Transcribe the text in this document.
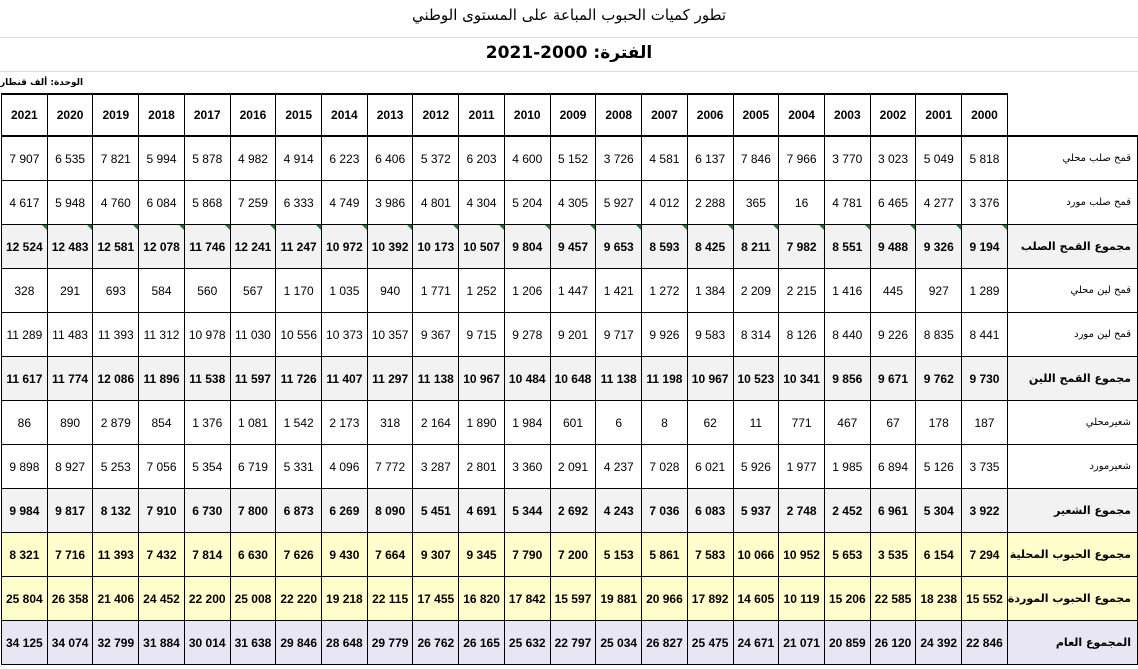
تطور كميات الحبوب المباعة على المستوى الوطني
الفترة: 2000-2021
الوحدة: ألف قنطار
2021	2020	2019	2018	2017	2016	2015	2014	2013	2012	2011	2010	2009	2008	2007	2006	2005	2004	2003	2002	2001	2000	
7 907	6 535	7 821	5 994	5 878	4 982	4 914	6 223	6 406	5 372	6 203	4 600	5 152	3 726	4 581	6 137	7 846	7 966	3 770	3 023	5 049	5 818	قمح صلب محلي
4 617	5 948	4 760	6 084	5 868	7 259	6 333	4 749	3 986	4 801	4 304	5 204	4 305	5 927	4 012	2 288	365	16	4 781	6 465	4 277	3 376	قمح صلب مورد
12 524	12 483	12 581	12 078	11 746	12 241	11 247	10 972	10 392	10 173	10 507	9 804	9 457	9 653	8 593	8 425	8 211	7 982	8 551	9 488	9 326	9 194	مجموع القمح الصلب
328	291	693	584	560	567	1 170	1 035	940	1 771	1 252	1 206	1 447	1 421	1 272	1 384	2 209	2 215	1 416	445	927	1 289	قمح لين محلي
11 289	11 483	11 393	11 312	10 978	11 030	10 556	10 373	10 357	9 367	9 715	9 278	9 201	9 717	9 926	9 583	8 314	8 126	8 440	9 226	8 835	8 441	قمح لين مورد
11 617	11 774	12 086	11 896	11 538	11 597	11 726	11 407	11 297	11 138	10 967	10 484	10 648	11 138	11 198	10 967	10 523	10 341	9 856	9 671	9 762	9 730	مجموع القمح اللين
86	890	2 879	854	1 376	1 081	1 542	2 173	318	2 164	1 890	1 984	601	6	8	62	11	771	467	67	178	187	شعيرمحلي
9 898	8 927	5 253	7 056	5 354	6 719	5 331	4 096	7 772	3 287	2 801	3 360	2 091	4 237	7 028	6 021	5 926	1 977	1 985	6 894	5 126	3 735	شعيرمورد
9 984	9 817	8 132	7 910	6 730	7 800	6 873	6 269	8 090	5 451	4 691	5 344	2 692	4 243	7 036	6 083	5 937	2 748	2 452	6 961	5 304	3 922	مجموع الشعير
8 321	7 716	11 393	7 432	7 814	6 630	7 626	9 430	7 664	9 307	9 345	7 790	7 200	5 153	5 861	7 583	10 066	10 952	5 653	3 535	6 154	7 294	مجموع الحبوب المحلية
25 804	26 358	21 406	24 452	22 200	25 008	22 220	19 218	22 115	17 455	16 820	17 842	15 597	19 881	20 966	17 892	14 605	10 119	15 206	22 585	18 238	15 552	مجموع الحبوب الموردة
34 125	34 074	32 799	31 884	30 014	31 638	29 846	28 648	29 779	26 762	26 165	25 632	22 797	25 034	26 827	25 475	24 671	21 071	20 859	26 120	24 392	22 846	المجموع العام
